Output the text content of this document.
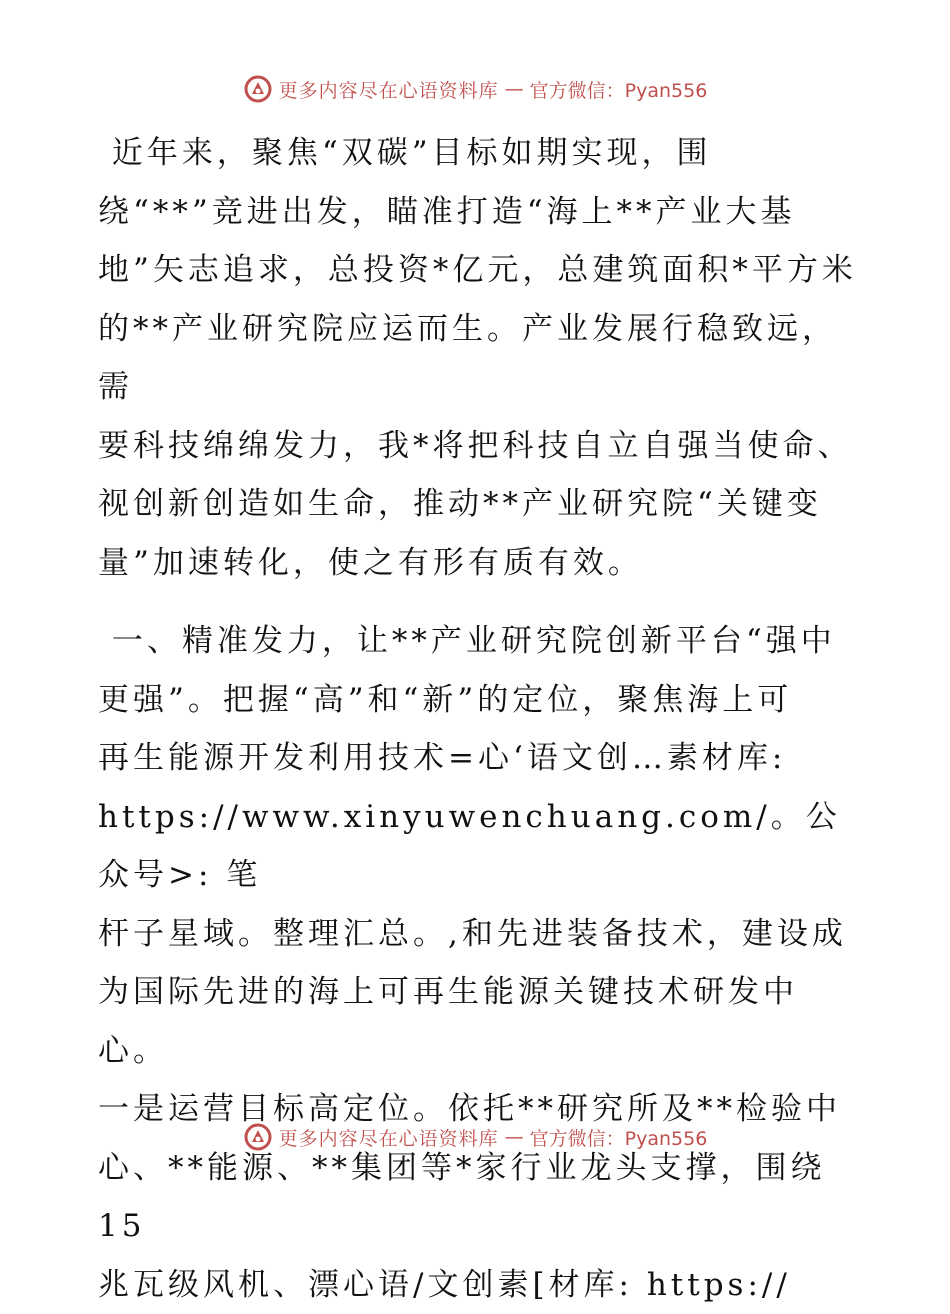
更多内容尽在心语资料库 — 官方微信：Pyan556

近年来，聚焦“双碳”目标如期实现，围

绕“**”竞进出发，瞄准打造“海上**产业大基

地”矢志追求，总投资*亿元，总建筑面积*平方米

的**产业研究院应运而生。产业发展行稳致远，需

要科技绵绵发力，我*将把科技自立自强当使命、

视创新创造如生命，推动**产业研究院“关键变

量”加速转化，使之有形有质有效。

一、精准发力，让**产业研究院创新平台“强中

更强”。把握“高”和“新”的定位，聚焦海上可

再生能源开发利用技术=心‘语文创…素材库:

https://www.xinyuwenchuang.com/。公众号>: 笔

杆子星域。整理汇总。,和先进装备技术，建设成

为国际先进的海上可再生能源关键技术研发中心。

一是运营目标高定位。依托**研究所及**检验中

心、**能源、**集团等*家行业龙头支撑，围绕15

兆瓦级风机、漂心语/文创素[材库: https://

更多内容尽在心语资料库 — 官方微信：Pyan556
